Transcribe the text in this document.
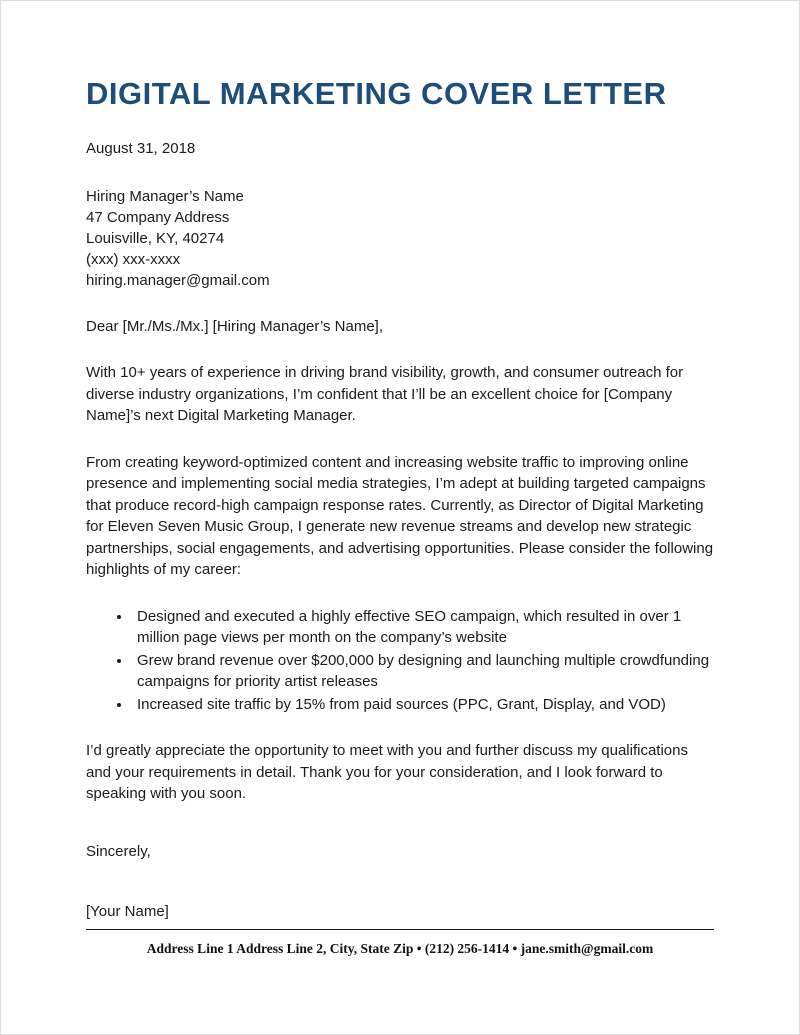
DIGITAL MARKETING COVER LETTER

August 31, 2018

Hiring Manager’s Name
47 Company Address
Louisville, KY, 40274
(xxx) xxx-xxxx
hiring.manager@gmail.com

Dear [Mr./Ms./Mx.] [Hiring Manager’s Name],

With 10+ years of experience in driving brand visibility, growth, and consumer outreach for diverse industry organizations, I’m confident that I’ll be an excellent choice for [Company Name]’s next Digital Marketing Manager.

From creating keyword-optimized content and increasing website traffic to improving online presence and implementing social media strategies, I’m adept at building targeted campaigns that produce record-high campaign response rates. Currently, as Director of Digital Marketing for Eleven Seven Music Group, I generate new revenue streams and develop new strategic partnerships, social engagements, and advertising opportunities. Please consider the following highlights of my career:

• Designed and executed a highly effective SEO campaign, which resulted in over 1 million page views per month on the company’s website
• Grew brand revenue over $200,000 by designing and launching multiple crowdfunding campaigns for priority artist releases
• Increased site traffic by 15% from paid sources (PPC, Grant, Display, and VOD)

I’d greatly appreciate the opportunity to meet with you and further discuss my qualifications and your requirements in detail. Thank you for your consideration, and I look forward to speaking with you soon.

Sincerely,

[Your Name]

Address Line 1 Address Line 2, City, State Zip • (212) 256-1414 • jane.smith@gmail.com
